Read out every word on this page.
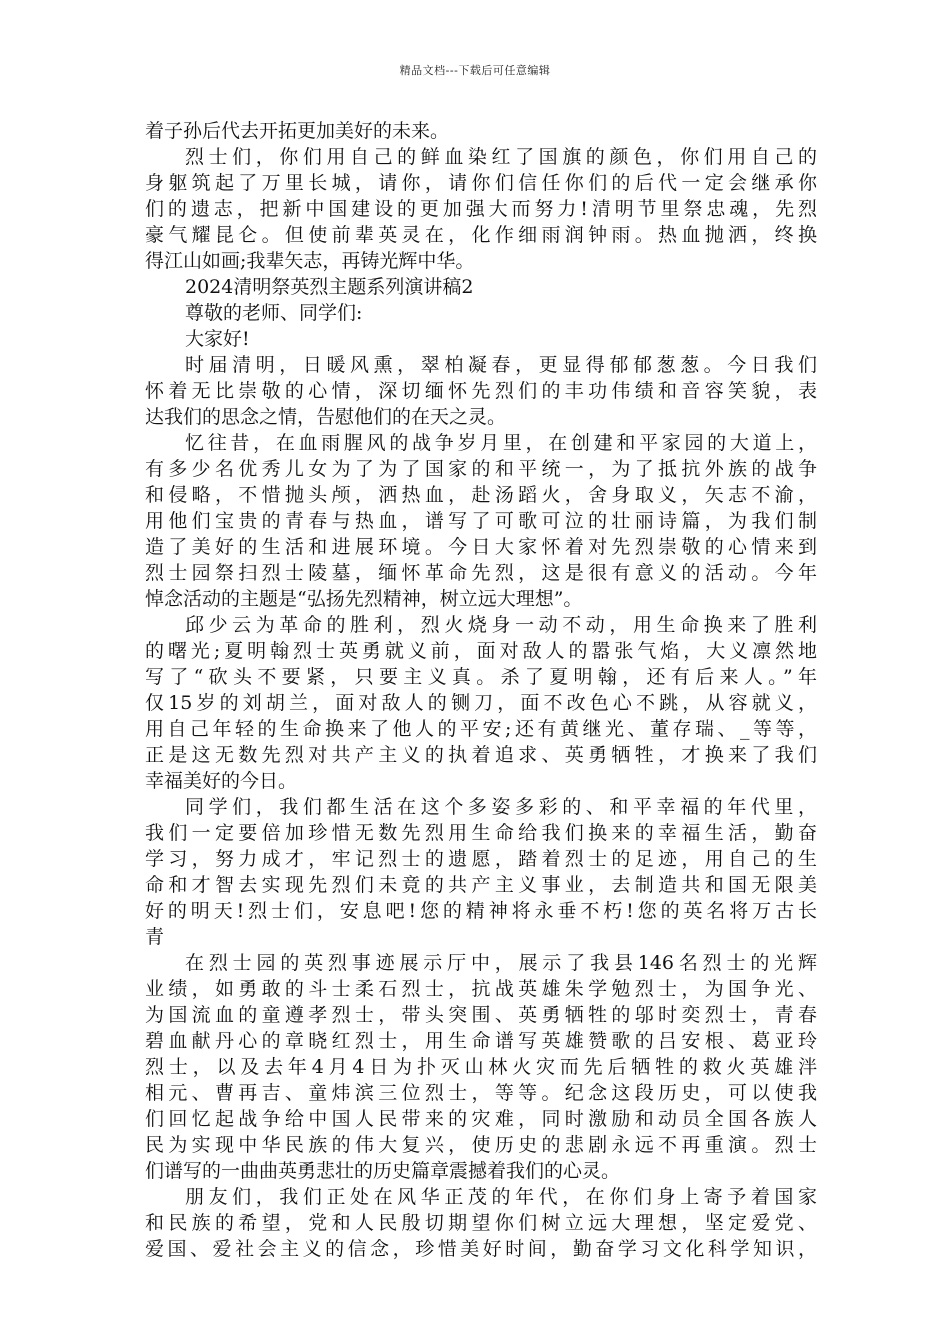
精品文档---下载后可任意编辑
着子孙后代去开拓更加美好的未来。
烈士们，你们用自己的鲜血染红了国旗的颜色，你们用自己的
身躯筑起了万里长城，请你，请你们信任你们的后代一定会继承你
们的遗志，把新中国建设的更加强大而努力!清明节里祭忠魂，先烈
豪气耀昆仑。但使前辈英灵在，化作细雨润钟雨。热血抛洒，终换
得江山如画;我辈矢志，再铸光辉中华。
2024清明祭英烈主题系列演讲稿2
尊敬的老师、同学们:
大家好!
时届清明，日暖风熏，翠柏凝春，更显得郁郁葱葱。今日我们
怀着无比崇敬的心情，深切缅怀先烈们的丰功伟绩和音容笑貌，表
达我们的思念之情，告慰他们的在天之灵。
忆往昔，在血雨腥风的战争岁月里，在创建和平家园的大道上，
有多少名优秀儿女为了为了国家的和平统一，为了抵抗外族的战争
和侵略，不惜抛头颅，洒热血，赴汤蹈火，舍身取义，矢志不渝，
用他们宝贵的青春与热血，谱写了可歌可泣的壮丽诗篇，为我们制
造了美好的生活和进展环境。今日大家怀着对先烈崇敬的心情来到
烈士园祭扫烈士陵墓，缅怀革命先烈，这是很有意义的活动。今年
悼念活动的主题是“弘扬先烈精神，树立远大理想”。
邱少云为革命的胜利，烈火烧身一动不动，用生命换来了胜利
的曙光;夏明翰烈士英勇就义前，面对敌人的嚣张气焰，大义凛然地
写了“砍头不要紧，只要主义真。杀了夏明翰，还有后来人。”年
仅15岁的刘胡兰，面对敌人的铡刀，面不改色心不跳，从容就义，
用自己年轻的生命换来了他人的平安;还有黄继光、董存瑞、_等等，
正是这无数先烈对共产主义的执着追求、英勇牺牲，才换来了我们
幸福美好的今日。
同学们，我们都生活在这个多姿多彩的、和平幸福的年代里，
我们一定要倍加珍惜无数先烈用生命给我们换来的幸福生活，勤奋
学习，努力成才，牢记烈士的遗愿，踏着烈士的足迹，用自己的生
命和才智去实现先烈们未竟的共产主义事业，去制造共和国无限美
好的明天!烈士们，安息吧!您的精神将永垂不朽!您的英名将万古长
青
在烈士园的英烈事迹展示厅中，展示了我县146名烈士的光辉
业绩，如勇敢的斗士柔石烈士，抗战英雄朱学勉烈士，为国争光、
为国流血的童遵孝烈士，带头突围、英勇牺牲的邬时奕烈士，青春
碧血献丹心的章晓红烈士，用生命谱写英雄赞歌的吕安根、葛亚玲
烈士，以及去年4月4日为扑灭山林火灾而先后牺牲的救火英雄泮
相元、曹再吉、童炜滨三位烈士，等等。纪念这段历史，可以使我
们回忆起战争给中国人民带来的灾难，同时激励和动员全国各族人
民为实现中华民族的伟大复兴，使历史的悲剧永远不再重演。烈士
们谱写的一曲曲英勇悲壮的历史篇章震撼着我们的心灵。
朋友们，我们正处在风华正茂的年代，在你们身上寄予着国家
和民族的希望，党和人民殷切期望你们树立远大理想，坚定爱党、
爱国、爱社会主义的信念，珍惜美好时间，勤奋学习文化科学知识，
